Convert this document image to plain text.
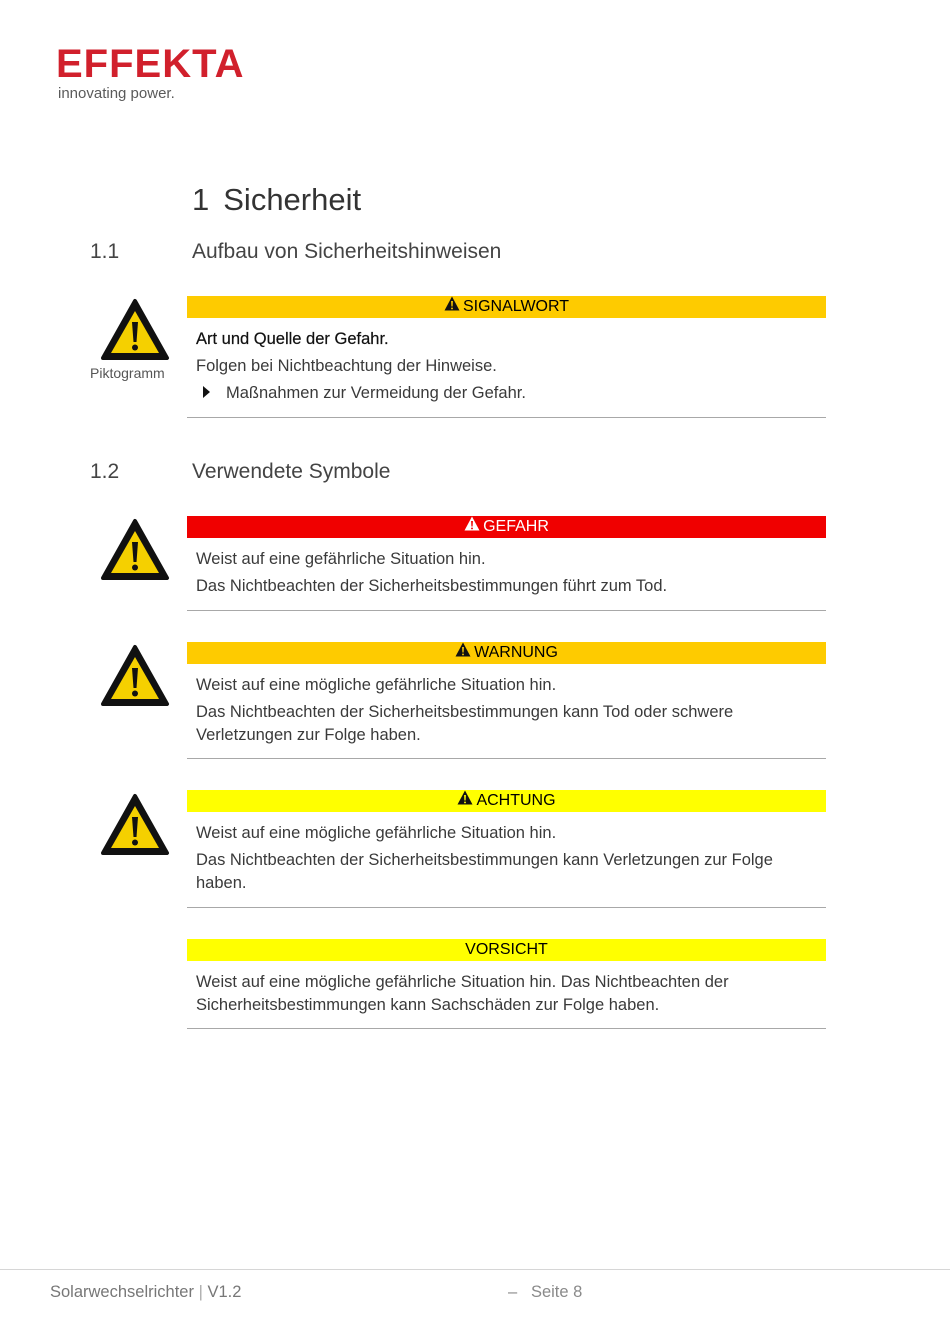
EFFEKTA
innovating power.
1 Sicherheit
1.1	Aufbau von Sicherheitshinweisen
Piktogramm
SIGNALWORT
Art und Quelle der Gefahr.
Folgen bei Nichtbeachtung der Hinweise.
Maßnahmen zur Vermeidung der Gefahr.
1.2	Verwendete Symbole
GEFAHR
Weist auf eine gefährliche Situation hin.
Das Nichtbeachten der Sicherheitsbestimmungen führt zum Tod.
WARNUNG
Weist auf eine mögliche gefährliche Situation hin.
Das Nichtbeachten der Sicherheitsbestimmungen kann Tod oder schwere Verletzungen zur Folge haben.
ACHTUNG
Weist auf eine mögliche gefährliche Situation hin.
Das Nichtbeachten der Sicherheitsbestimmungen kann Verletzungen zur Folge haben.
VORSICHT
Weist auf eine mögliche gefährliche Situation hin. Das Nichtbeachten der Sicherheitsbestimmungen kann Sachschäden zur Folge haben.
Solarwechselrichter | V1.2	– Seite 8
